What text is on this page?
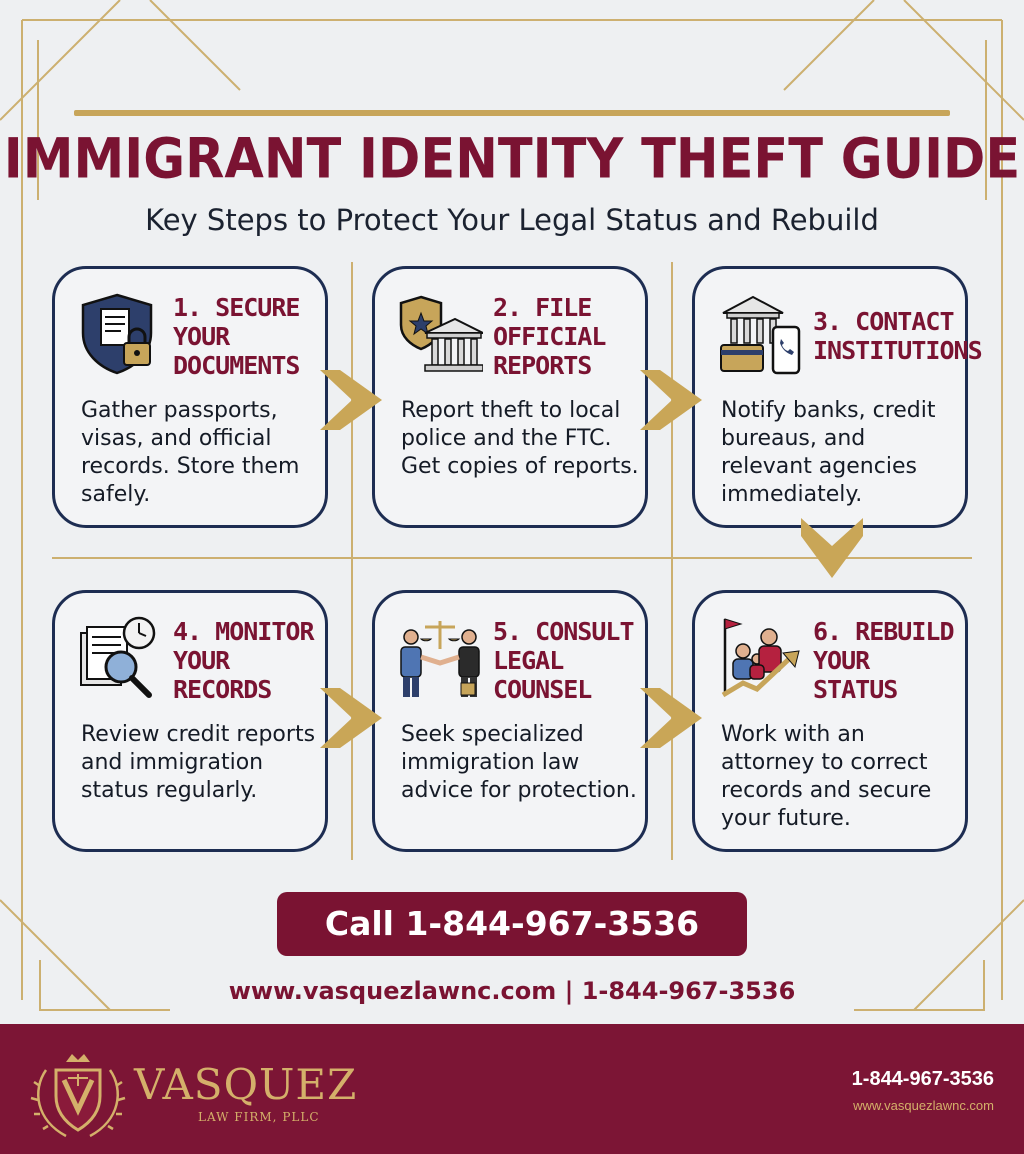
IMMIGRANT IDENTITY THEFT GUIDE
Key Steps to Protect Your Legal Status and Rebuild
1. SECURE YOUR DOCUMENTS
Gather passports, visas, and official records. Store them safely.
2. FILE OFFICIAL REPORTS
Report theft to local police and the FTC. Get copies of reports.
3. CONTACT INSTITUTIONS
Notify banks, credit bureaus, and relevant agencies immediately.
4. MONITOR YOUR RECORDS
Review credit reports and immigration status regularly.
5. CONSULT LEGAL COUNSEL
Seek specialized immigration law advice for protection.
6. REBUILD YOUR STATUS
Work with an attorney to correct records and secure your future.
Call 1-844-967-3536
www.vasquezlawnc.com | 1-844-967-3536
VASQUEZ
LAW FIRM, PLLC
1-844-967-3536
www.vasquezlawnc.com
